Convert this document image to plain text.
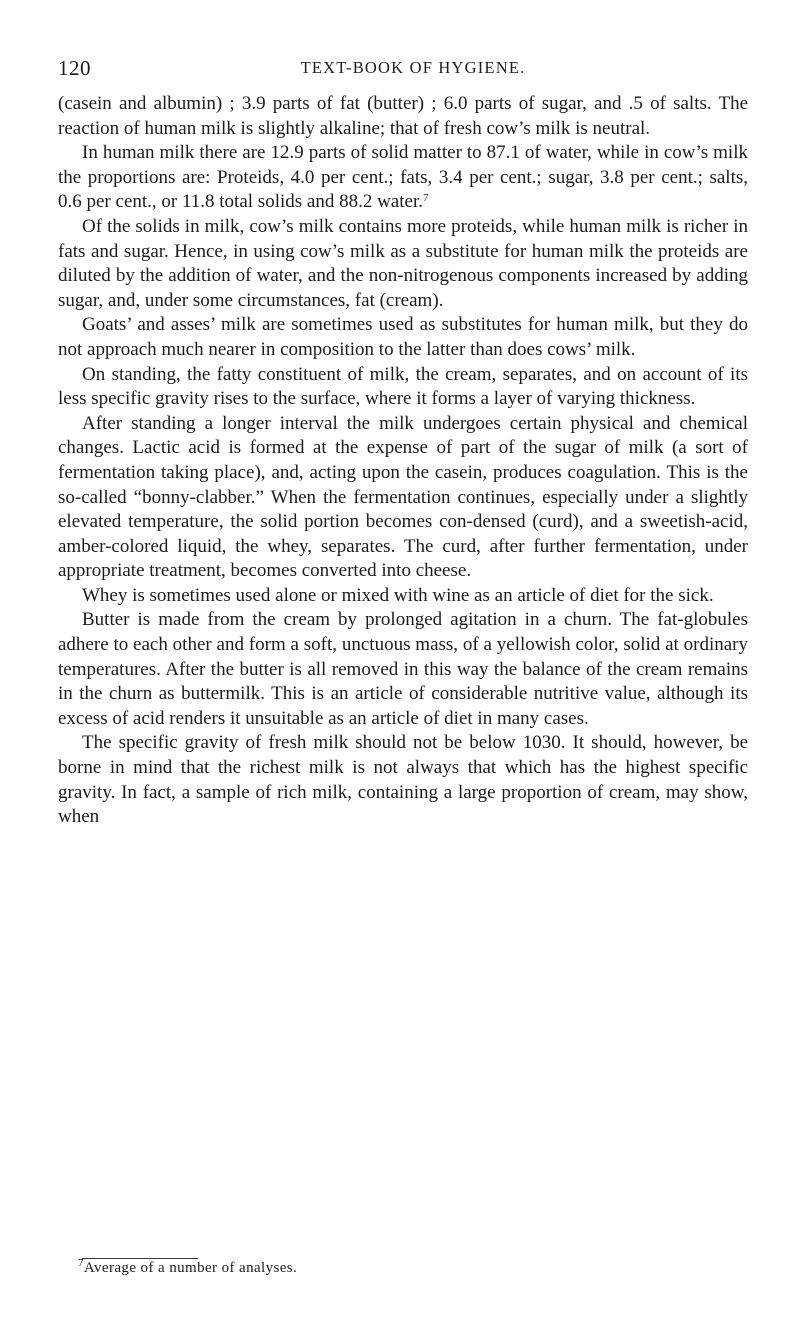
120	TEXT-BOOK OF HYGIENE.

(casein and albumin) ; 3.9 parts of fat (butter) ; 6.0 parts of sugar, and .5 of salts. The reaction of human milk is slightly alkaline; that of fresh cow’s milk is neutral.

In human milk there are 12.9 parts of solid matter to 87.1 of water, while in cow’s milk the proportions are: Proteids, 4.0 per cent.; fats, 3.4 per cent.; sugar, 3.8 per cent.; salts, 0.6 per cent., or 11.8 total solids and 88.2 water.$^7$

Of the solids in milk, cow’s milk contains more proteids, while human milk is richer in fats and sugar. Hence, in using cow’s milk as a substitute for human milk the proteids are diluted by the addition of water, and the non-nitrogenous components increased by adding sugar, and, under some circumstances, fat (cream).

Goats’ and asses’ milk are sometimes used as substitutes for human milk, but they do not approach much nearer in composition to the latter than does cows’ milk.

On standing, the fatty constituent of milk, the cream, separates, and on account of its less specific gravity rises to the surface, where it forms a layer of varying thickness.

After standing a longer interval the milk undergoes certain physical and chemical changes. Lactic acid is formed at the expense of part of the sugar of milk (a sort of fermentation taking place), and, acting upon the casein, produces coagulation. This is the so-called “bonny-clabber.” When the fermentation continues, especially under a slightly elevated temperature, the solid portion becomes con-densed (curd), and a sweetish-acid, amber-colored liquid, the whey, separates. The curd, after further fermentation, under appropriate treatment, becomes converted into cheese.

Whey is sometimes used alone or mixed with wine as an article of diet for the sick.

Butter is made from the cream by prolonged agitation in a churn. The fat-globules adhere to each other and form a soft, unctuous mass, of a yellowish color, solid at ordinary temperatures. After the butter is all removed in this way the balance of the cream remains in the churn as buttermilk. This is an article of considerable nutritive value, although its excess of acid renders it unsuitable as an article of diet in many cases.

The specific gravity of fresh milk should not be below 1030. It should, however, be borne in mind that the richest milk is not always that which has the highest specific gravity. In fact, a sample of rich milk, containing a large proportion of cream, may show, when

$^7$Average of a number of analyses.
